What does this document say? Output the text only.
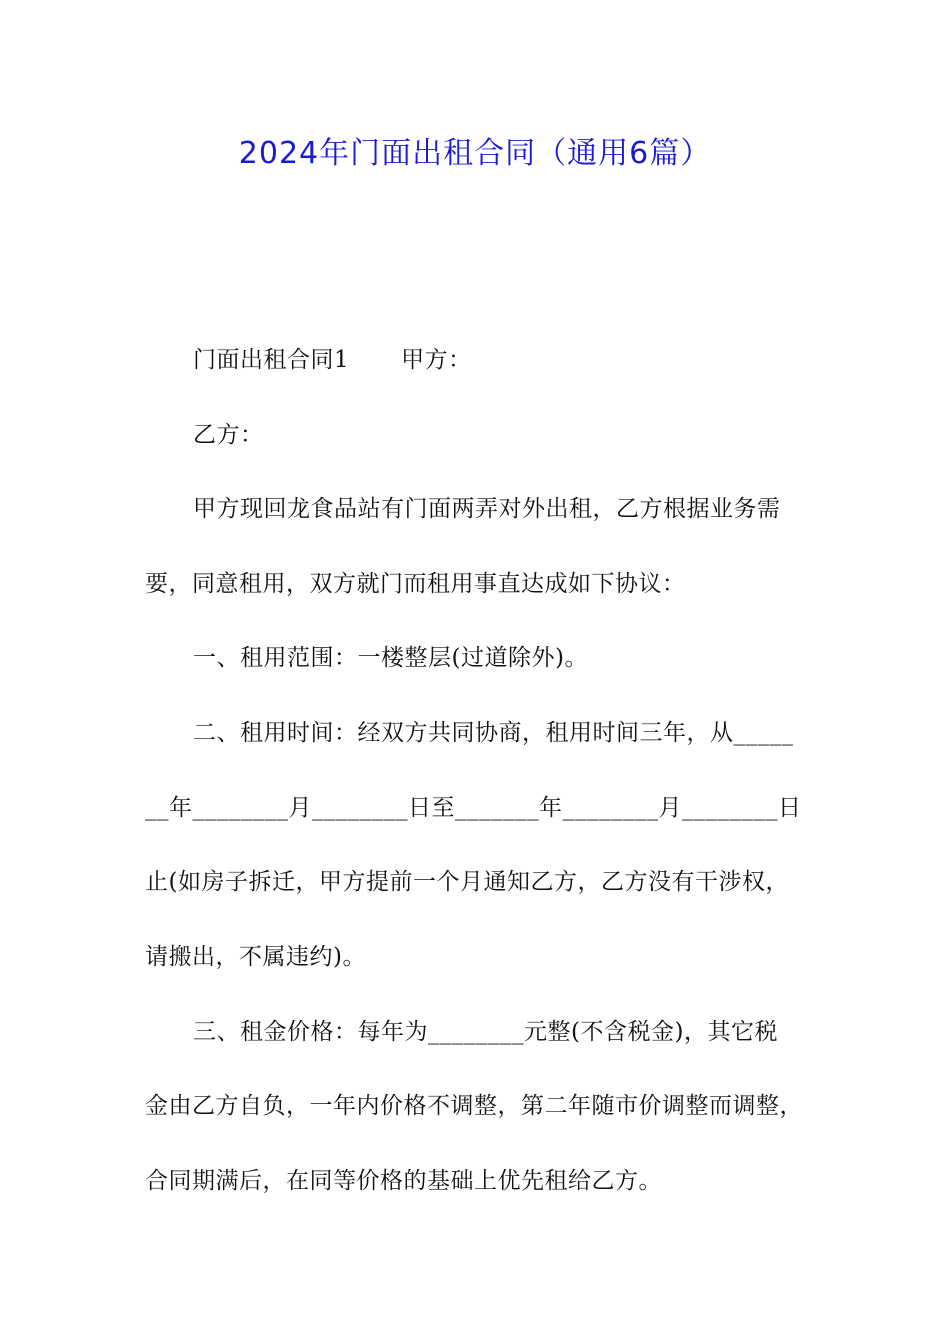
2024年门面出租合同（通用6篇）
门面出租合同1 甲方：
乙方：
甲方现回龙食品站有门面两弄对外出租，乙方根据业务需
要，同意租用，双方就门而租用事直达成如下协议：
一、租用范围：一楼整层(过道除外)。
二、租用时间：经双方共同协商，租用时间三年，从_____
__年________月________日至_______年________月________日
止(如房子拆迁，甲方提前一个月通知乙方，乙方没有干涉权，
请搬出，不属违约)。
三、租金价格：每年为________元整(不含税金)，其它税
金由乙方自负，一年内价格不调整，第二年随市价调整而调整，
合同期满后，在同等价格的基础上优先租给乙方。
